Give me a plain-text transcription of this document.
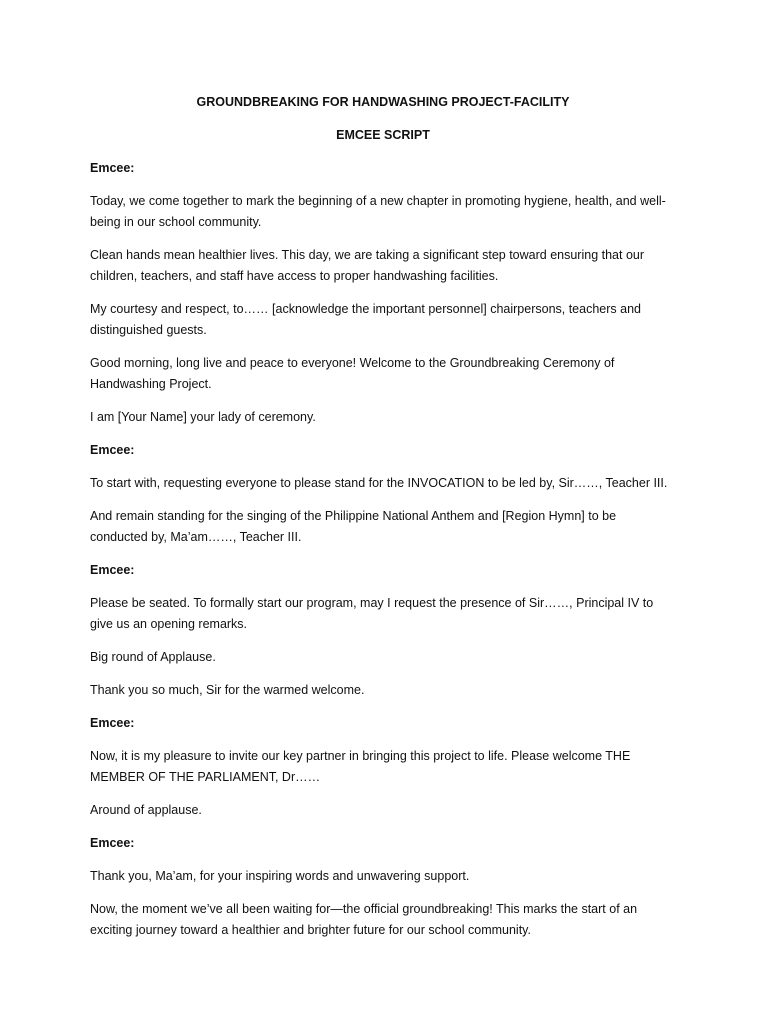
GROUNDBREAKING FOR HANDWASHING PROJECT-FACILITY
EMCEE SCRIPT

Emcee:

Today, we come together to mark the beginning of a new chapter in promoting hygiene, health, and well-being in our school community.

Clean hands mean healthier lives. This day, we are taking a significant step toward ensuring that our children, teachers, and staff have access to proper handwashing facilities.

My courtesy and respect, to…… [acknowledge the important personnel] chairpersons, teachers and distinguished guests.

Good morning, long live and peace to everyone! Welcome to the Groundbreaking Ceremony of Handwashing Project.

I am [Your Name] your lady of ceremony.

Emcee:

To start with, requesting everyone to please stand for the INVOCATION to be led by, Sir……, Teacher III.

And remain standing for the singing of the Philippine National Anthem and [Region Hymn] to be conducted by, Ma’am……, Teacher III.

Emcee:

Please be seated. To formally start our program, may I request the presence of Sir……, Principal IV to give us an opening remarks.

Big round of Applause.

Thank you so much, Sir for the warmed welcome.

Emcee:

Now, it is my pleasure to invite our key partner in bringing this project to life. Please welcome THE MEMBER OF THE PARLIAMENT, Dr……

Around of applause.

Emcee:

Thank you, Ma’am, for your inspiring words and unwavering support.

Now, the moment we’ve all been waiting for—the official groundbreaking! This marks the start of an exciting journey toward a healthier and brighter future for our school community.
